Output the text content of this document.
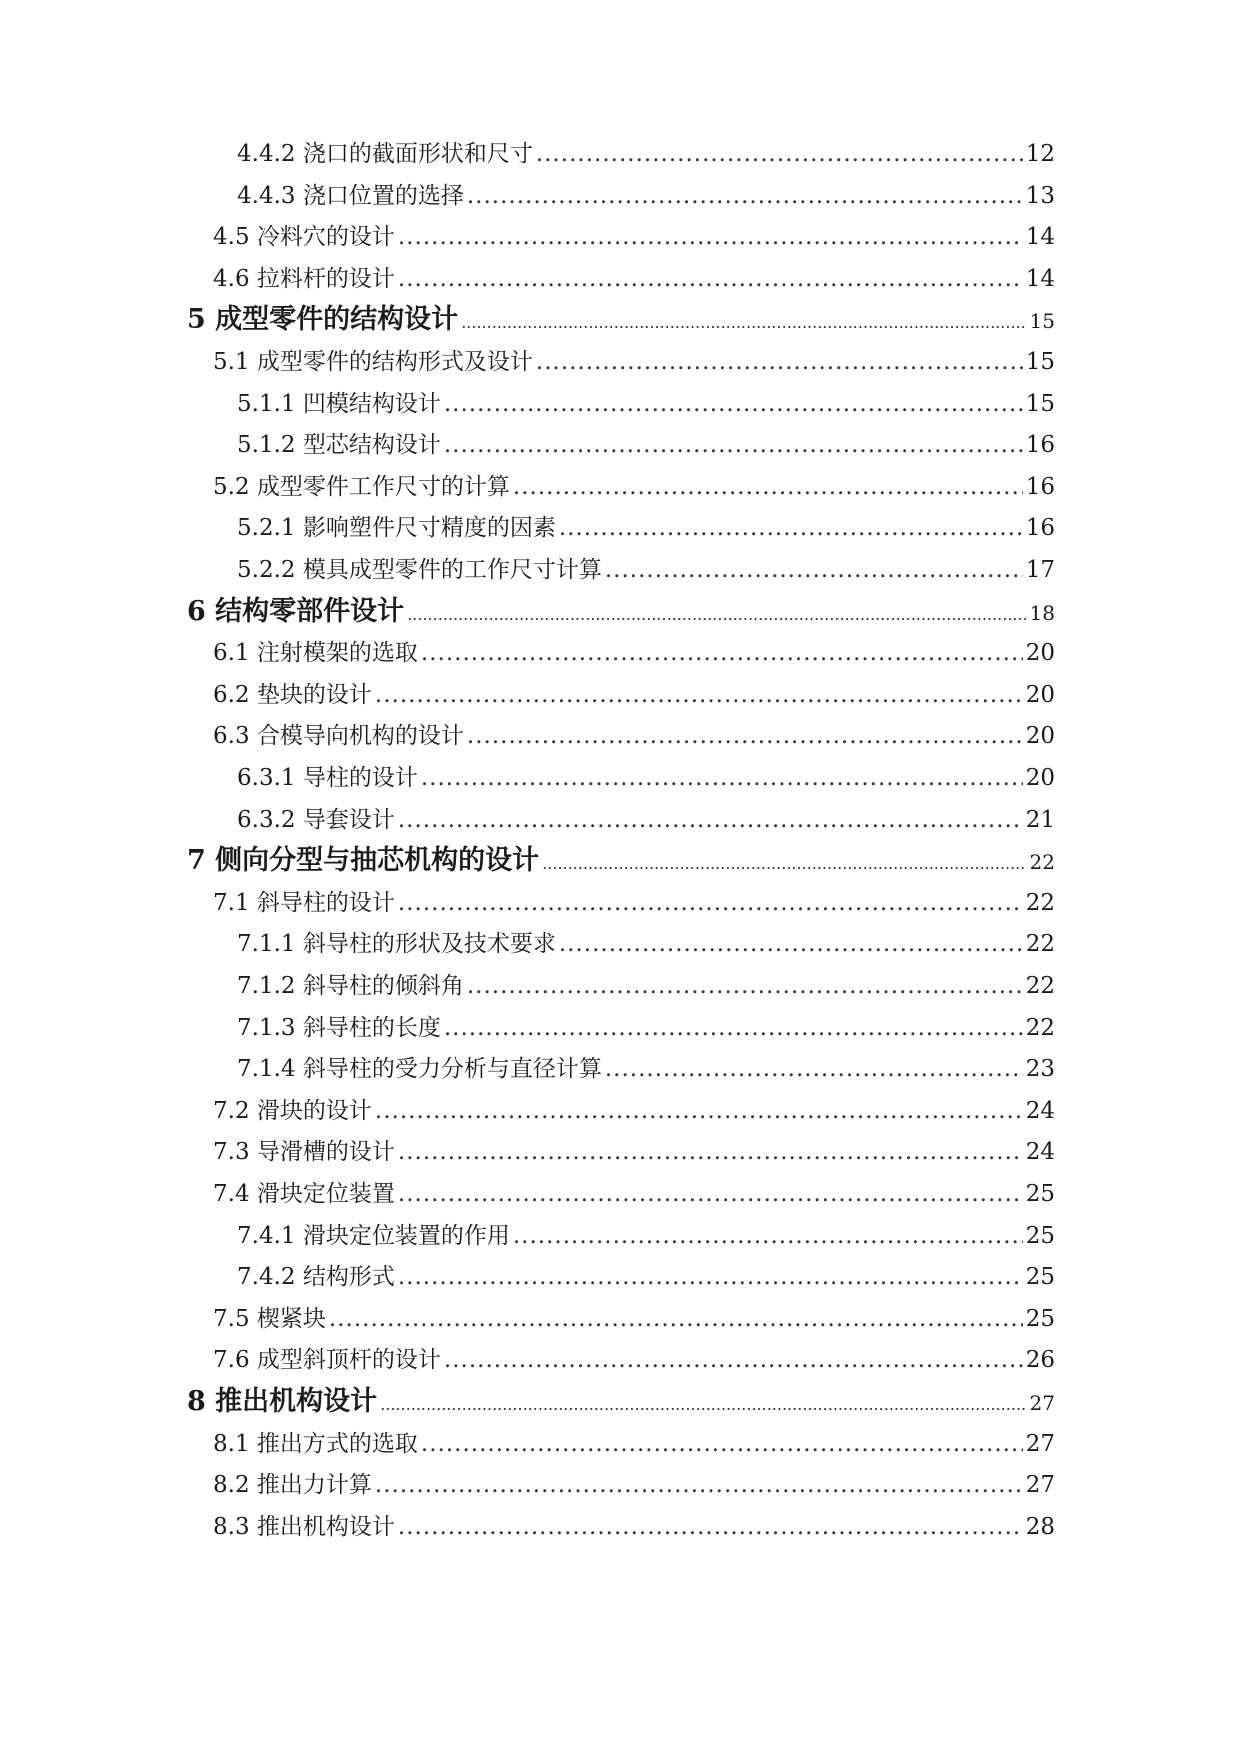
4.4.2 浇口的截面形状和尺寸 .....	12
4.4.3 浇口位置的选择 .....	13
4.5 冷料穴的设计 .....	14
4.6 拉料杆的设计 .....	14
5 成型零件的结构设计 .....	15
5.1 成型零件的结构形式及设计 .....	15
5.1.1 凹模结构设计 .....	15
5.1.2 型芯结构设计 .....	16
5.2 成型零件工作尺寸的计算 .....	16
5.2.1 影响塑件尺寸精度的因素 .....	16
5.2.2 模具成型零件的工作尺寸计算 .....	17
6 结构零部件设计 .....	18
6.1 注射模架的选取 .....	20
6.2 垫块的设计 .....	20
6.3 合模导向机构的设计 .....	20
6.3.1 导柱的设计 .....	20
6.3.2 导套设计 .....	21
7 侧向分型与抽芯机构的设计 .....	22
7.1 斜导柱的设计 .....	22
7.1.1 斜导柱的形状及技术要求 .....	22
7.1.2 斜导柱的倾斜角 .....	22
7.1.3 斜导柱的长度 .....	22
7.1.4 斜导柱的受力分析与直径计算 .....	23
7.2 滑块的设计 .....	24
7.3 导滑槽的设计 .....	24
7.4 滑块定位装置 .....	25
7.4.1 滑块定位装置的作用 .....	25
7.4.2 结构形式 .....	25
7.5 楔紧块 .....	25
7.6 成型斜顶杆的设计 .....	26
8 推出机构设计 .....	27
8.1 推出方式的选取 .....	27
8.2 推出力计算 .....	27
8.3 推出机构设计 .....	28
